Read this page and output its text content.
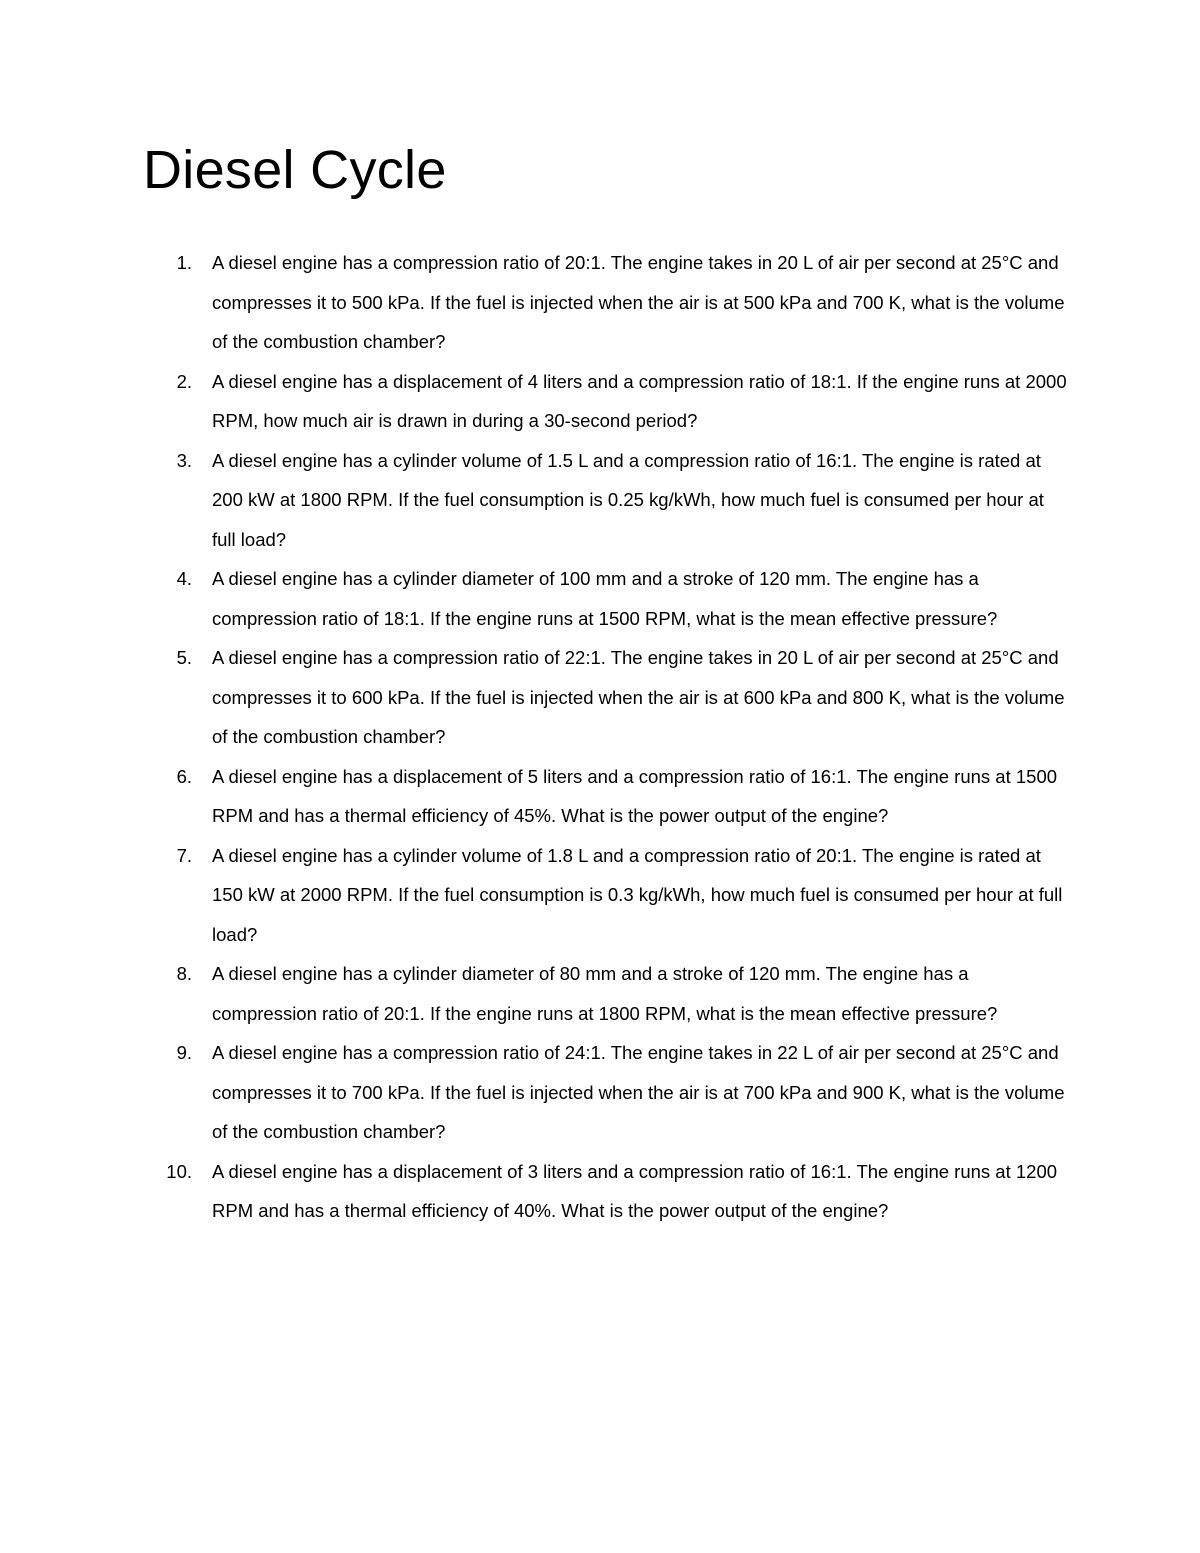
Diesel Cycle
1. A diesel engine has a compression ratio of 20:1. The engine takes in 20 L of air per second at 25°C and compresses it to 500 kPa. If the fuel is injected when the air is at 500 kPa and 700 K, what is the volume of the combustion chamber?
2. A diesel engine has a displacement of 4 liters and a compression ratio of 18:1. If the engine runs at 2000 RPM, how much air is drawn in during a 30-second period?
3. A diesel engine has a cylinder volume of 1.5 L and a compression ratio of 16:1. The engine is rated at 200 kW at 1800 RPM. If the fuel consumption is 0.25 kg/kWh, how much fuel is consumed per hour at full load?
4. A diesel engine has a cylinder diameter of 100 mm and a stroke of 120 mm. The engine has a compression ratio of 18:1. If the engine runs at 1500 RPM, what is the mean effective pressure?
5. A diesel engine has a compression ratio of 22:1. The engine takes in 20 L of air per second at 25°C and compresses it to 600 kPa. If the fuel is injected when the air is at 600 kPa and 800 K, what is the volume of the combustion chamber?
6. A diesel engine has a displacement of 5 liters and a compression ratio of 16:1. The engine runs at 1500 RPM and has a thermal efficiency of 45%. What is the power output of the engine?
7. A diesel engine has a cylinder volume of 1.8 L and a compression ratio of 20:1. The engine is rated at 150 kW at 2000 RPM. If the fuel consumption is 0.3 kg/kWh, how much fuel is consumed per hour at full load?
8. A diesel engine has a cylinder diameter of 80 mm and a stroke of 120 mm. The engine has a compression ratio of 20:1. If the engine runs at 1800 RPM, what is the mean effective pressure?
9. A diesel engine has a compression ratio of 24:1. The engine takes in 22 L of air per second at 25°C and compresses it to 700 kPa. If the fuel is injected when the air is at 700 kPa and 900 K, what is the volume of the combustion chamber?
10. A diesel engine has a displacement of 3 liters and a compression ratio of 16:1. The engine runs at 1200 RPM and has a thermal efficiency of 40%. What is the power output of the engine?
